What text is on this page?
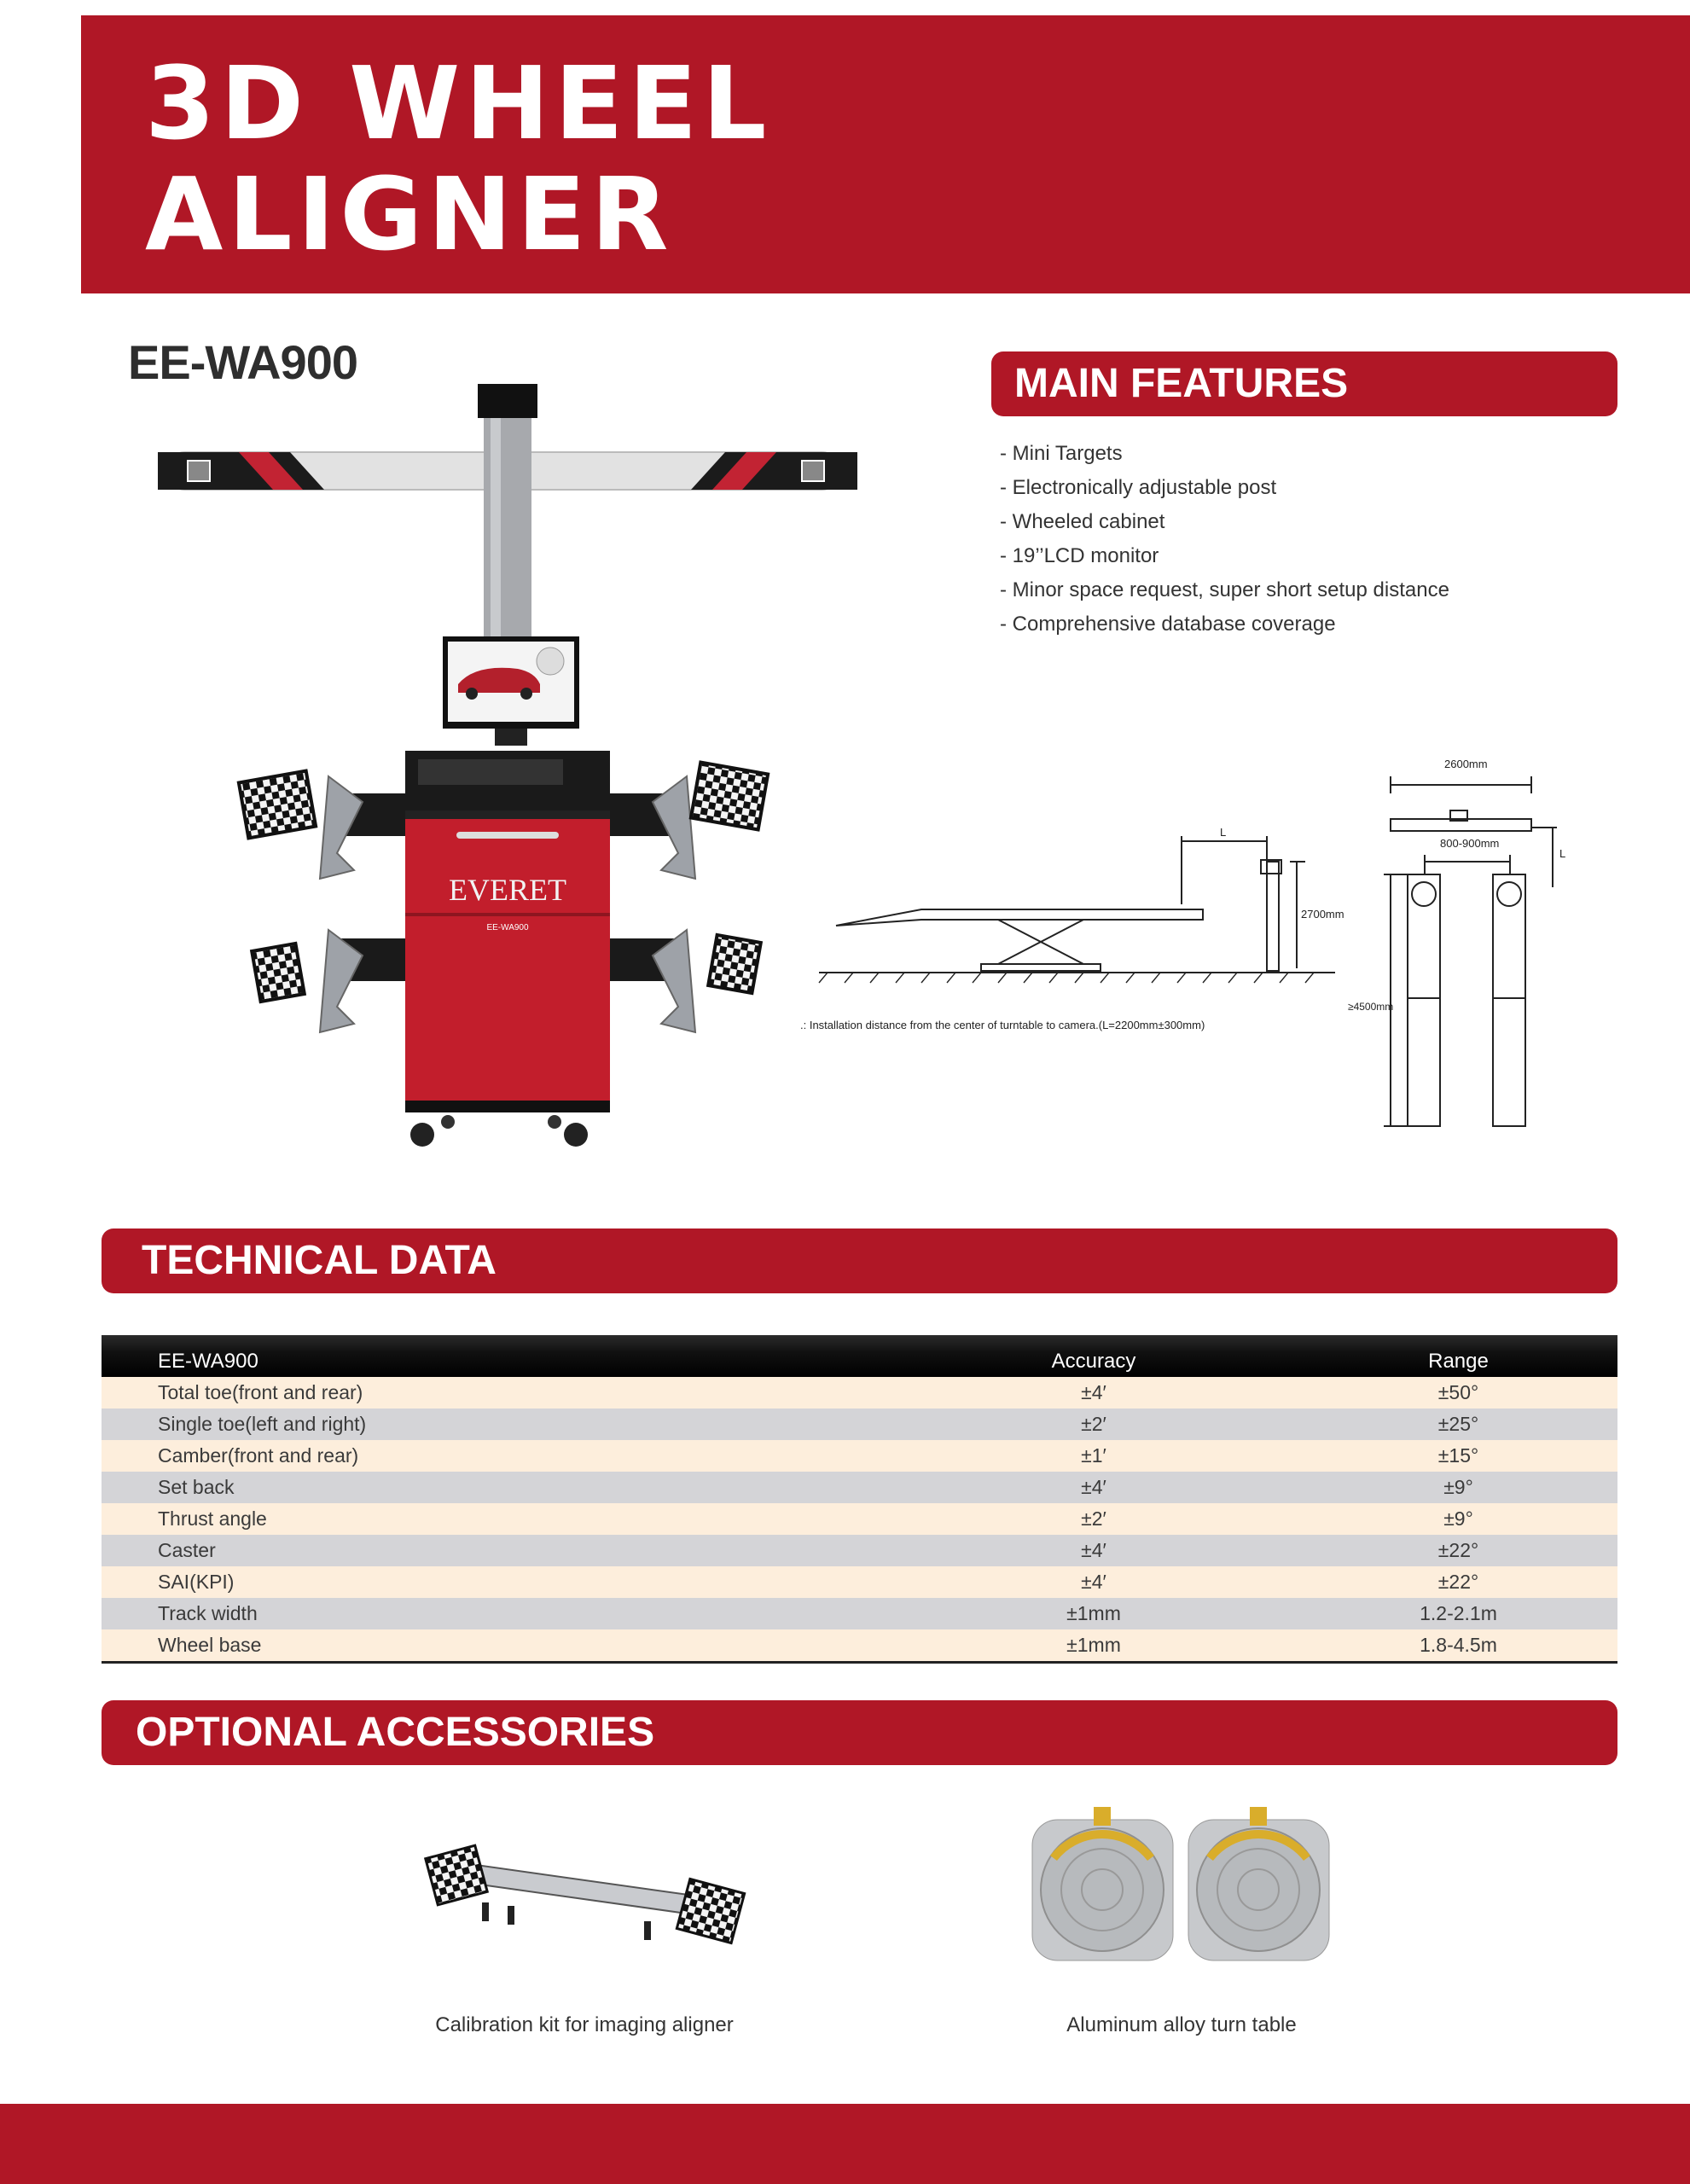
3D WHEEL
ALIGNER
EE-WA900
EVERET
EE-WA900
MAIN FEATURES
- Mini Targets
- Electronically adjustable post
- Wheeled cabinet
- 19’’LCD monitor
- Minor space request, super short setup distance
- Comprehensive database coverage
2600mm
800-900mm
L
L
2700mm
≥4500mm
.: Installation distance from the center of turntable to camera.(L=2200mm±300mm)
TECHNICAL DATA
EE-WA900	Accuracy	Range
Total toe(front and rear)	±4′	±50°
Single toe(left and right)	±2′	±25°
Camber(front and rear)	±1′	±15°
Set back	±4′	±9°
Thrust angle	±2′	±9°
Caster	±4′	±22°
SAI(KPI)	±4′	±22°
Track width	±1mm	1.2-2.1m
Wheel base	±1mm	1.8-4.5m
OPTIONAL ACCESSORIES

Calibration kit for imaging aligner	Aluminum alloy turn table
